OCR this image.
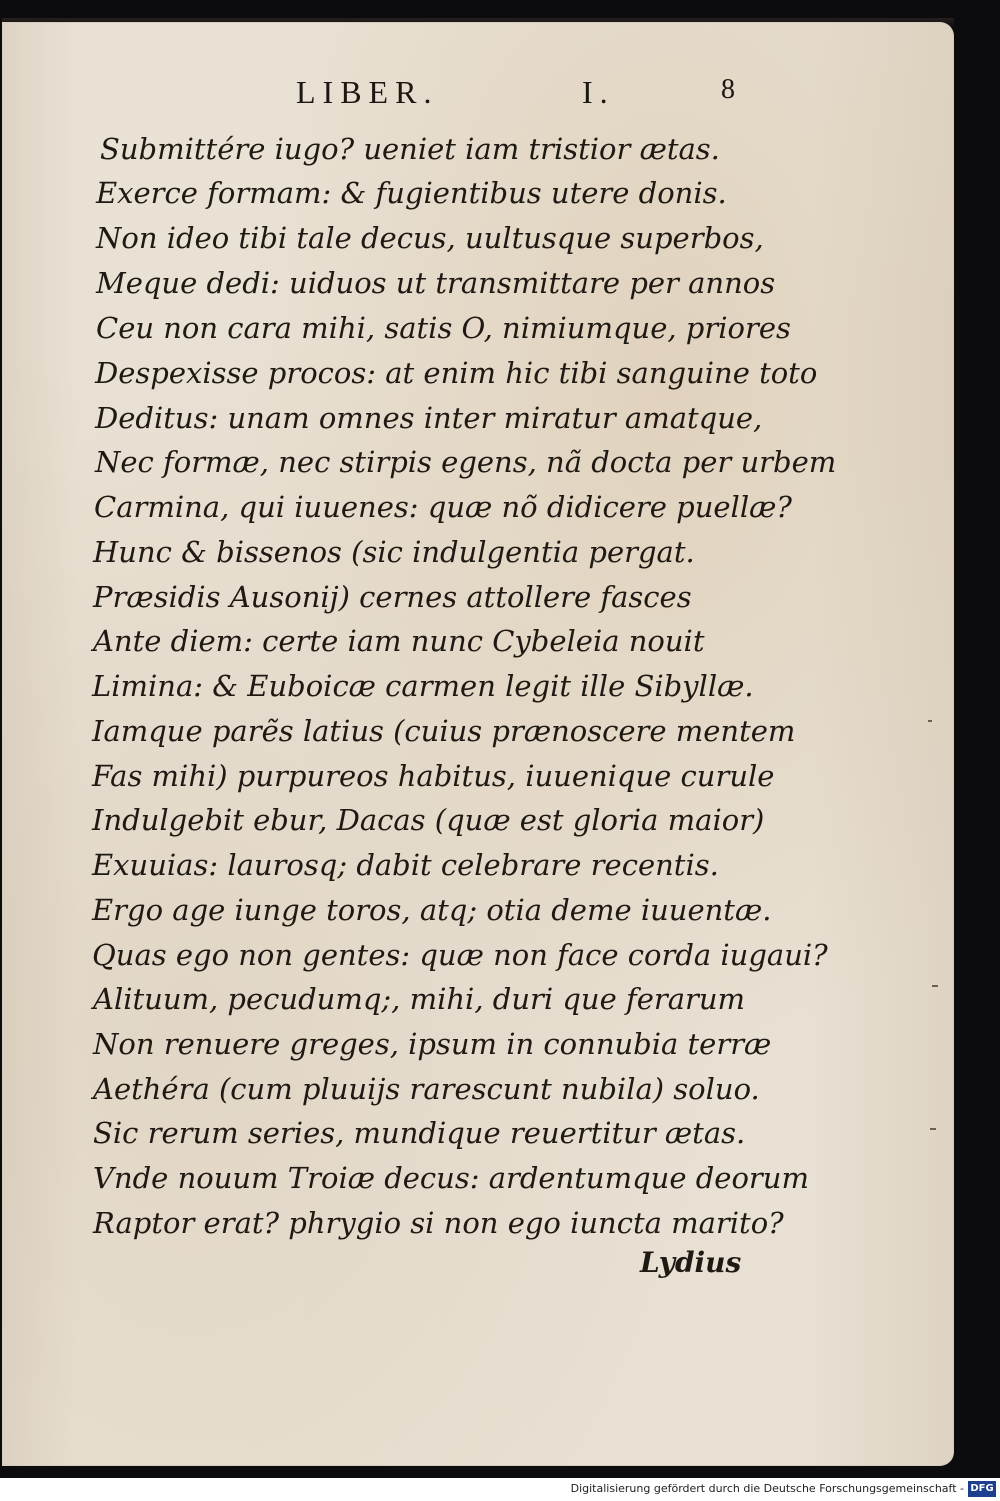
LIBER.	I.	8
Submittére iugo? ueniet iam tristior ætas.
Exerce formam: & fugientibus utere donis.
Non ideo tibi tale decus, uultusque superbos,
Meque dedi: uiduos ut transmittare per annos
Ceu non cara mihi, satis O, nimiumque, priores
Despexisse procos: at enim hic tibi sanguine toto
Deditus: unam omnes inter miratur amatque,
Nec formæ, nec stirpis egens, nã docta per urbem
Carmina, qui iuuenes: quæ nõ didicere puellæ?
Hunc & bissenos (sic indulgentia pergat.
Præsidis Ausonij) cernes attollere fasces
Ante diem: certe iam nunc Cybeleia nouit
Limina: & Euboicæ carmen legit ille Sibyllæ.
Iamque parẽs latius (cuius prænoscere mentem
Fas mihi) purpureos habitus, iuuenique curule
Indulgebit ebur, Dacas (quæ est gloria maior)
Exuuias: laurosq; dabit celebrare recentis.
Ergo age iunge toros, atq; otia deme iuuentæ.
Quas ego non gentes: quæ non face corda iugaui?
Alituum, pecudumq;, mihi, duri que ferarum
Non renuere greges, ipsum in connubia terræ
Aethéra (cum pluuijs rarescunt nubila) soluo.
Sic rerum series, mundique reuertitur ætas.
Vnde nouum Troiæ decus: ardentumque deorum
Raptor erat? phrygio si non ego iuncta marito?
Lydius
Digitalisierung gefördert durch die Deutsche Forschungsgemeinschaft - DFG
